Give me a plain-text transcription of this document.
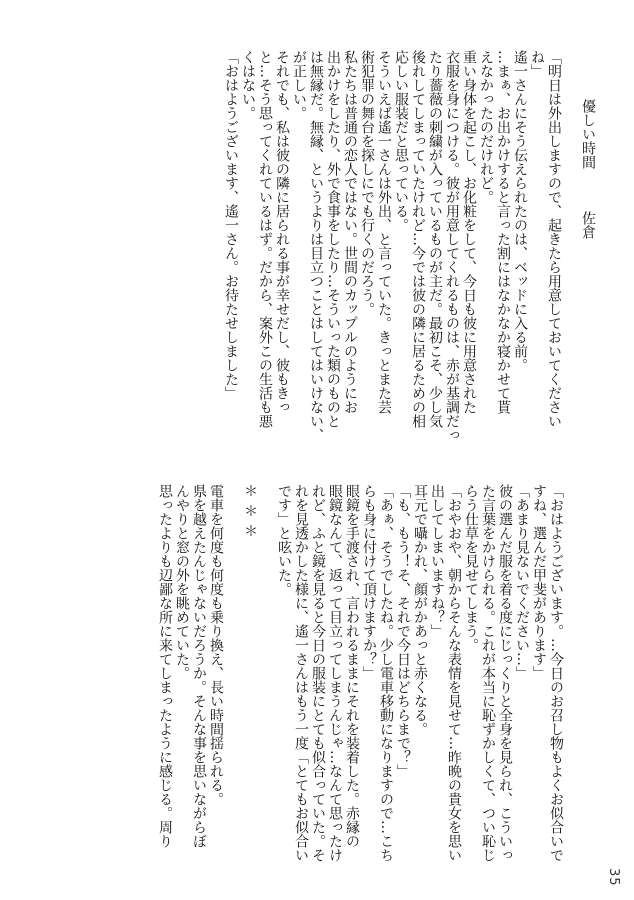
優しい時間　　　佐倉

「明日は外出しますので、起きたら用意しておいてください

ね」

遙一さんにそう伝えられたのは、ベッドに入る前。

…まぁ、お出かけすると言った割にはなかなか寝かせて貰

えなかったのだけれど。

重い身体を起こし、お化粧をして、今日も彼に用意された

衣服を身につける。彼が用意してくれるものは、赤が基調だっ

たり薔薇の刺繍が入っているものが主だ。最初こそ、少し気

後れしてしまっていたけれど…今では彼の隣に居るための相

応しい服装だと思っている。

そういえば遙一さんは外出、と言っていた。きっとまた芸

術犯罪の舞台を探しにでも行くのだろう。

私たちは普通の恋人ではない。世間のカップルのようにお

出かけをしたり、外で食事をしたり…そういった類のものと

は無縁だ。無縁、というよりは目立つことはしてはいけない、

が正しい。

それでも、私は彼の隣に居られる事が幸せだし、彼もきっ

と…そう思ってくれているはず。だから、案外この生活も悪

くはない。

「おはようございます、遙一さん。お待たせしました」

「おはようございます。…今日のお召し物もよくお似合いで

すね、選んだ甲斐があります」

「あまり見ないでください…」

彼の選んだ服を着る度にじっくりと全身を見られ、こういっ

た言葉をかけられる。これが本当に恥ずかしくて、つい恥じ

らう仕草を見せてしまう。

「おやおや、朝からそんな表情を見せて…昨晩の貴女を思い

出してしまいますね？」

耳元で囁かれ、顔がかあっと赤くなる。

「も、もう！そ、それで今日はどちらまで？」

「あぁ、そうでしたね。少し電車移動になりますので…こち

らも身に付けて頂けますか？」

眼鏡を手渡され、言われるままにそれを装着した。赤縁の

眼鏡なんて、返って目立ってしまうんじゃ…なんて思ったけ

れど、ふと鏡を見ると今日の服装にとても似合っていた。そ

れを見透かした様に、遙一さんはもう一度「とてもお似合い

です」と呟いた。

＊＊＊

電車を何度も何度も乗り換え、長い時間揺られる。

県を越えたんじゃないだろうか。そんな事を思いながらぼ

んやりと窓の外を眺めていた。

思ったよりも辺鄙な所に来てしまったように感じる。周り

35
